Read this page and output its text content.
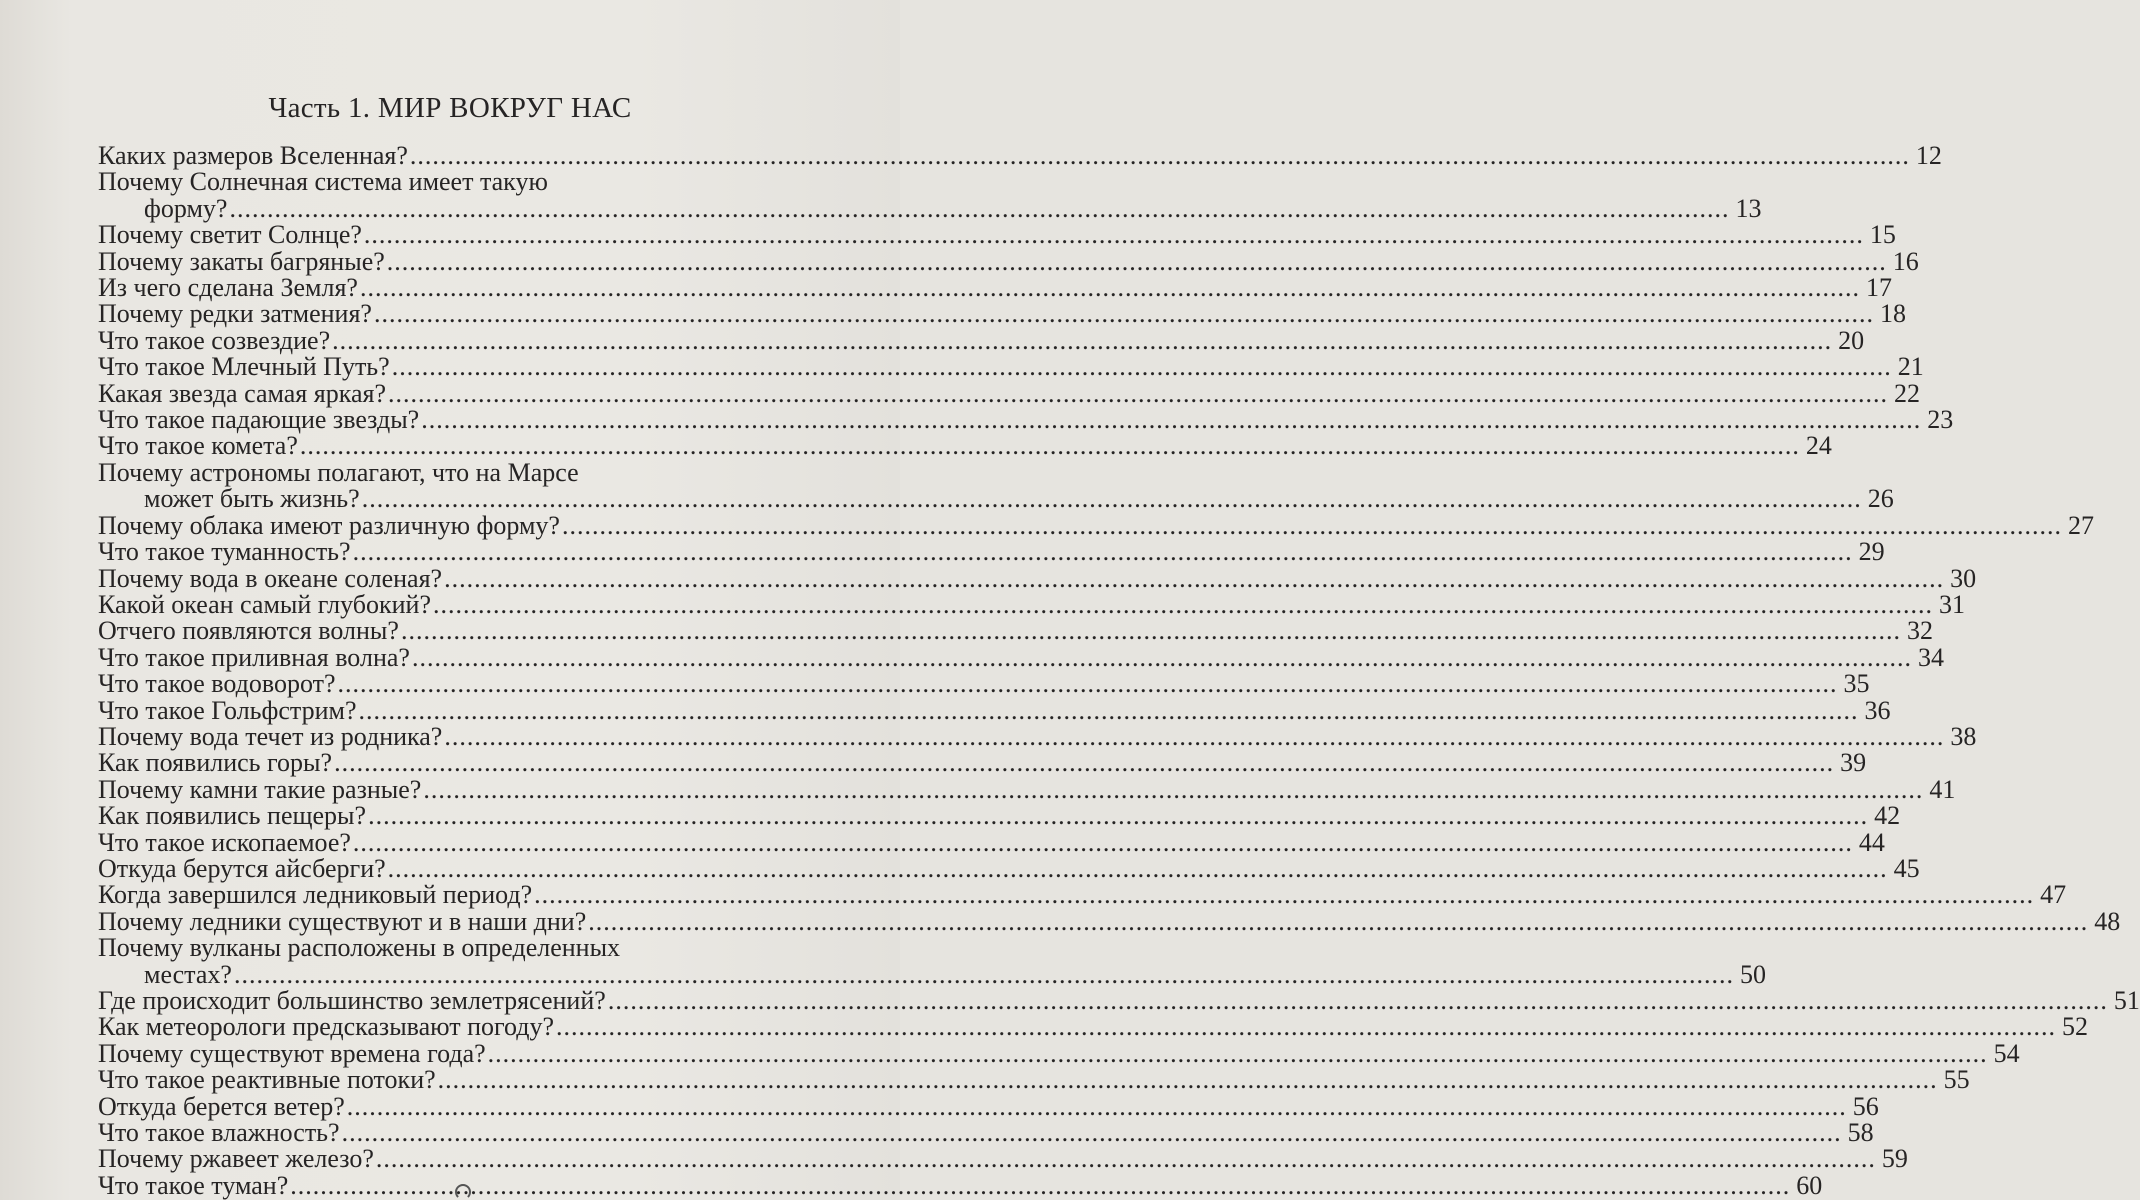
Часть 1. МИР ВОКРУГ НАС
Каких размеров Вселенная? ........................................................................................................................................................................................................ 12
Почему Солнечная система имеет такую
форму? ........................................................................................................................................................................................................ 13
Почему светит Солнце? ........................................................................................................................................................................................................ 15
Почему закаты багряные? ........................................................................................................................................................................................................ 16
Из чего сделана Земля? ........................................................................................................................................................................................................ 17
Почему редки затмения? ........................................................................................................................................................................................................ 18
Что такое созвездие? ........................................................................................................................................................................................................ 20
Что такое Млечный Путь? ........................................................................................................................................................................................................ 21
Какая звезда самая яркая? ........................................................................................................................................................................................................ 22
Что такое падающие звезды? ........................................................................................................................................................................................................ 23
Что такое комета? ........................................................................................................................................................................................................ 24
Почему астрономы полагают, что на Марсе
может быть жизнь? ........................................................................................................................................................................................................ 26
Почему облака имеют различную форму? ........................................................................................................................................................................................................ 27
Что такое туманность? ........................................................................................................................................................................................................ 29
Почему вода в океане соленая? ........................................................................................................................................................................................................ 30
Какой океан самый глубокий? ........................................................................................................................................................................................................ 31
Отчего появляются волны? ........................................................................................................................................................................................................ 32
Что такое приливная волна? ........................................................................................................................................................................................................ 34
Что такое водоворот? ........................................................................................................................................................................................................ 35
Что такое Гольфстрим? ........................................................................................................................................................................................................ 36
Почему вода течет из родника? ........................................................................................................................................................................................................ 38
Как появились горы? ........................................................................................................................................................................................................ 39
Почему камни такие разные? ........................................................................................................................................................................................................ 41
Как появились пещеры? ........................................................................................................................................................................................................ 42
Что такое ископаемое? ........................................................................................................................................................................................................ 44
Откуда берутся айсберги? ........................................................................................................................................................................................................ 45
Когда завершился ледниковый период? ........................................................................................................................................................................................................ 47
Почему ледники существуют и в наши дни? ........................................................................................................................................................................................................ 48
Почему вулканы расположены в определенных
местах? ........................................................................................................................................................................................................ 50
Где происходит большинство землетрясений? ........................................................................................................................................................................................................ 51
Как метеорологи предсказывают погоду? ........................................................................................................................................................................................................ 52
Почему существуют времена года? ........................................................................................................................................................................................................ 54
Что такое реактивные потоки? ........................................................................................................................................................................................................ 55
Откуда берется ветер? ........................................................................................................................................................................................................ 56
Что такое влажность? ........................................................................................................................................................................................................ 58
Почему ржавеет железо? ........................................................................................................................................................................................................ 59
Что такое туман? ........................................................................................................................................................................................................ 60
